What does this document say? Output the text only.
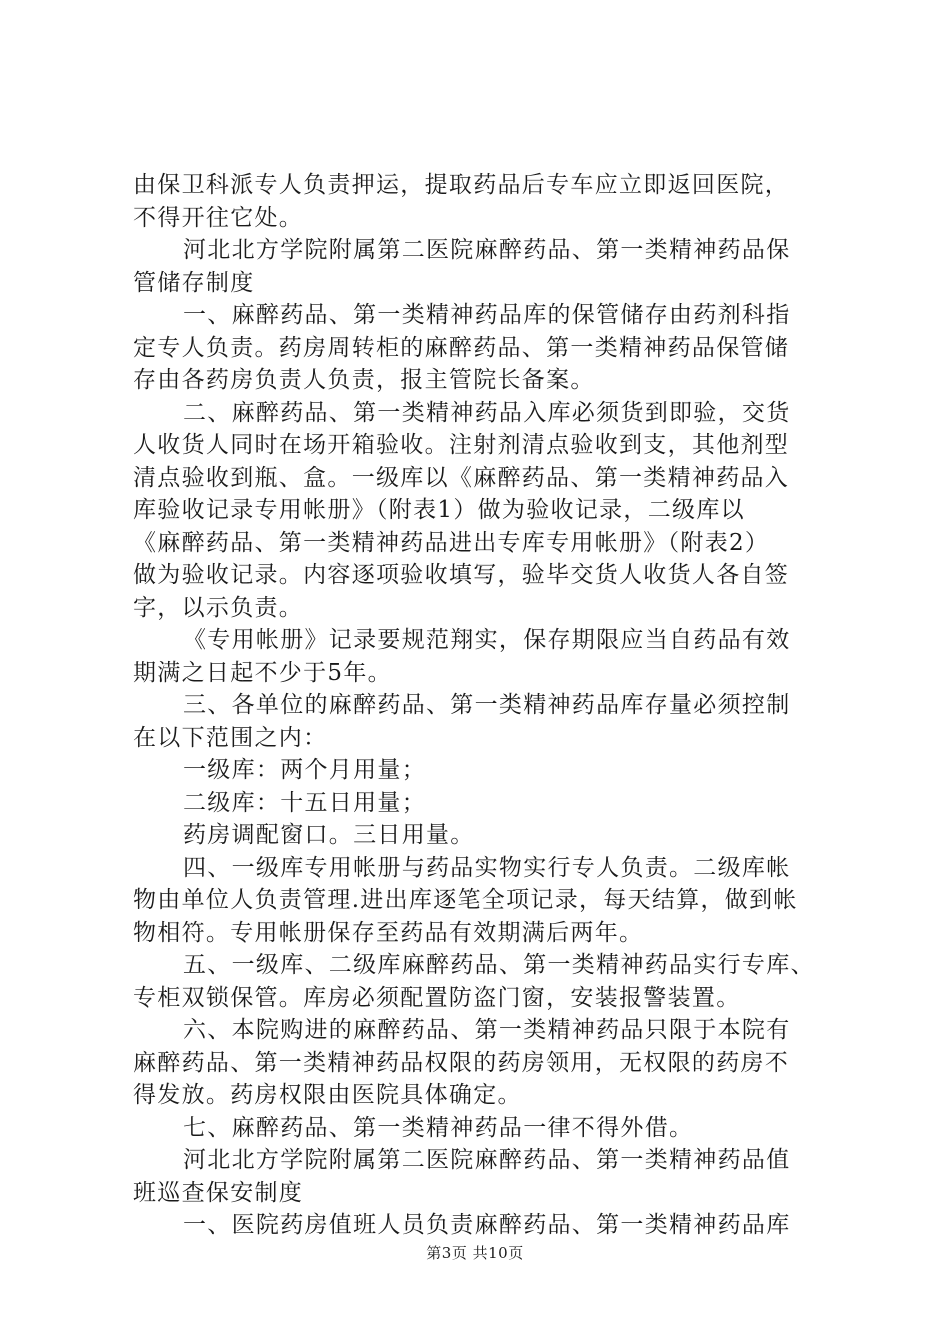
由保卫科派专人负责押运，提取药品后专车应立即返回医院，
不得开往它处。
河北北方学院附属第二医院麻醉药品、第一类精神药品保
管储存制度
一、麻醉药品、第一类精神药品库的保管储存由药剂科指
定专人负责。药房周转柜的麻醉药品、第一类精神药品保管储
存由各药房负责人负责，报主管院长备案。
二、麻醉药品、第一类精神药品入库必须货到即验，交货
人收货人同时在场开箱验收。注射剂清点验收到支，其他剂型
清点验收到瓶、盒。一级库以《麻醉药品、第一类精神药品入
库验收记录专用帐册》（附表1）做为验收记录，二级库以
《麻醉药品、第一类精神药品进出专库专用帐册》（附表2）
做为验收记录。内容逐项验收填写，验毕交货人收货人各自签
字，以示负责。
《专用帐册》记录要规范翔实，保存期限应当自药品有效
期满之日起不少于5年。
三、各单位的麻醉药品、第一类精神药品库存量必须控制
在以下范围之内：
一级库：两个月用量；
二级库：十五日用量；
药房调配窗口。三日用量。
四、一级库专用帐册与药品实物实行专人负责。二级库帐
物由单位人负责管理.进出库逐笔全项记录，每天结算，做到帐
物相符。专用帐册保存至药品有效期满后两年。
五、一级库、二级库麻醉药品、第一类精神药品实行专库、
专柜双锁保管。库房必须配置防盗门窗，安装报警装置。
六、本院购进的麻醉药品、第一类精神药品只限于本院有
麻醉药品、第一类精神药品权限的药房领用，无权限的药房不
得发放。药房权限由医院具体确定。
七、麻醉药品、第一类精神药品一律不得外借。
河北北方学院附属第二医院麻醉药品、第一类精神药品值
班巡查保安制度
一、医院药房值班人员负责麻醉药品、第一类精神药品库
第3页 共10页
